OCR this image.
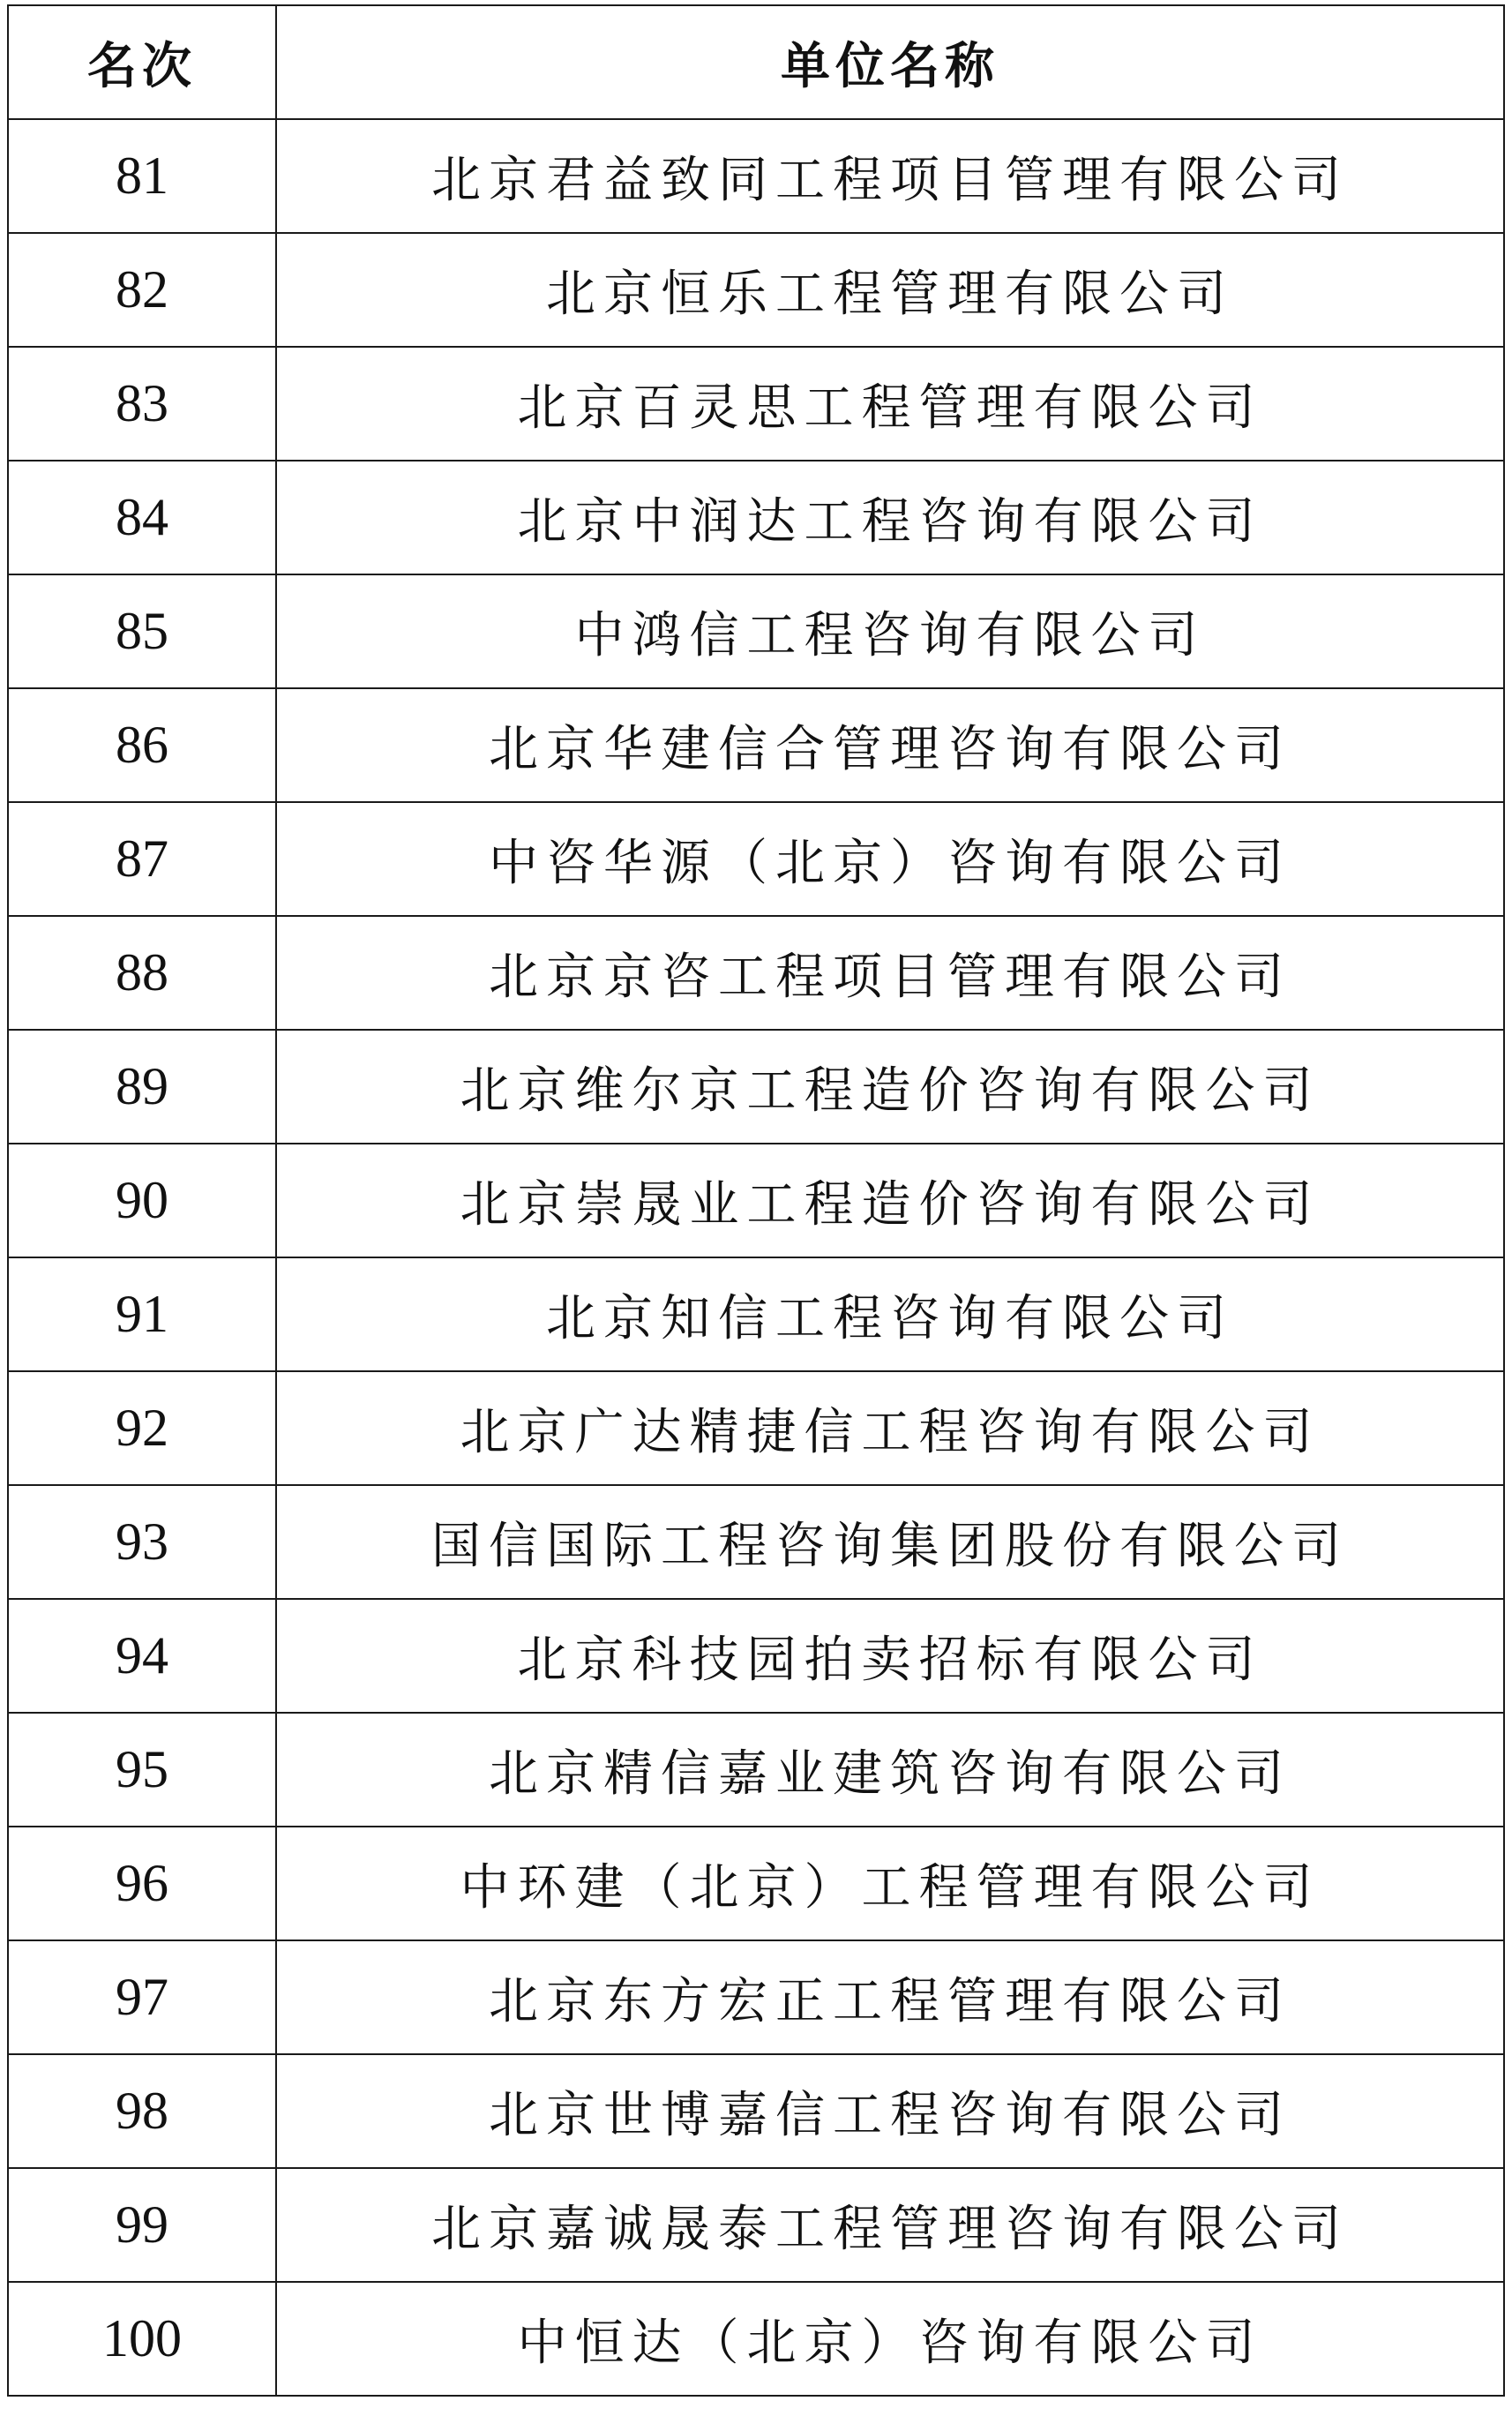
名次	单位名称
81	北京君益致同工程项目管理有限公司
82	北京恒乐工程管理有限公司
83	北京百灵思工程管理有限公司
84	北京中润达工程咨询有限公司
85	中鸿信工程咨询有限公司
86	北京华建信合管理咨询有限公司
87	中咨华源（北京）咨询有限公司
88	北京京咨工程项目管理有限公司
89	北京维尔京工程造价咨询有限公司
90	北京崇晟业工程造价咨询有限公司
91	北京知信工程咨询有限公司
92	北京广达精捷信工程咨询有限公司
93	国信国际工程咨询集团股份有限公司
94	北京科技园拍卖招标有限公司
95	北京精信嘉业建筑咨询有限公司
96	中环建（北京）工程管理有限公司
97	北京东方宏正工程管理有限公司
98	北京世博嘉信工程咨询有限公司
99	北京嘉诚晟泰工程管理咨询有限公司
100	中恒达（北京）咨询有限公司
